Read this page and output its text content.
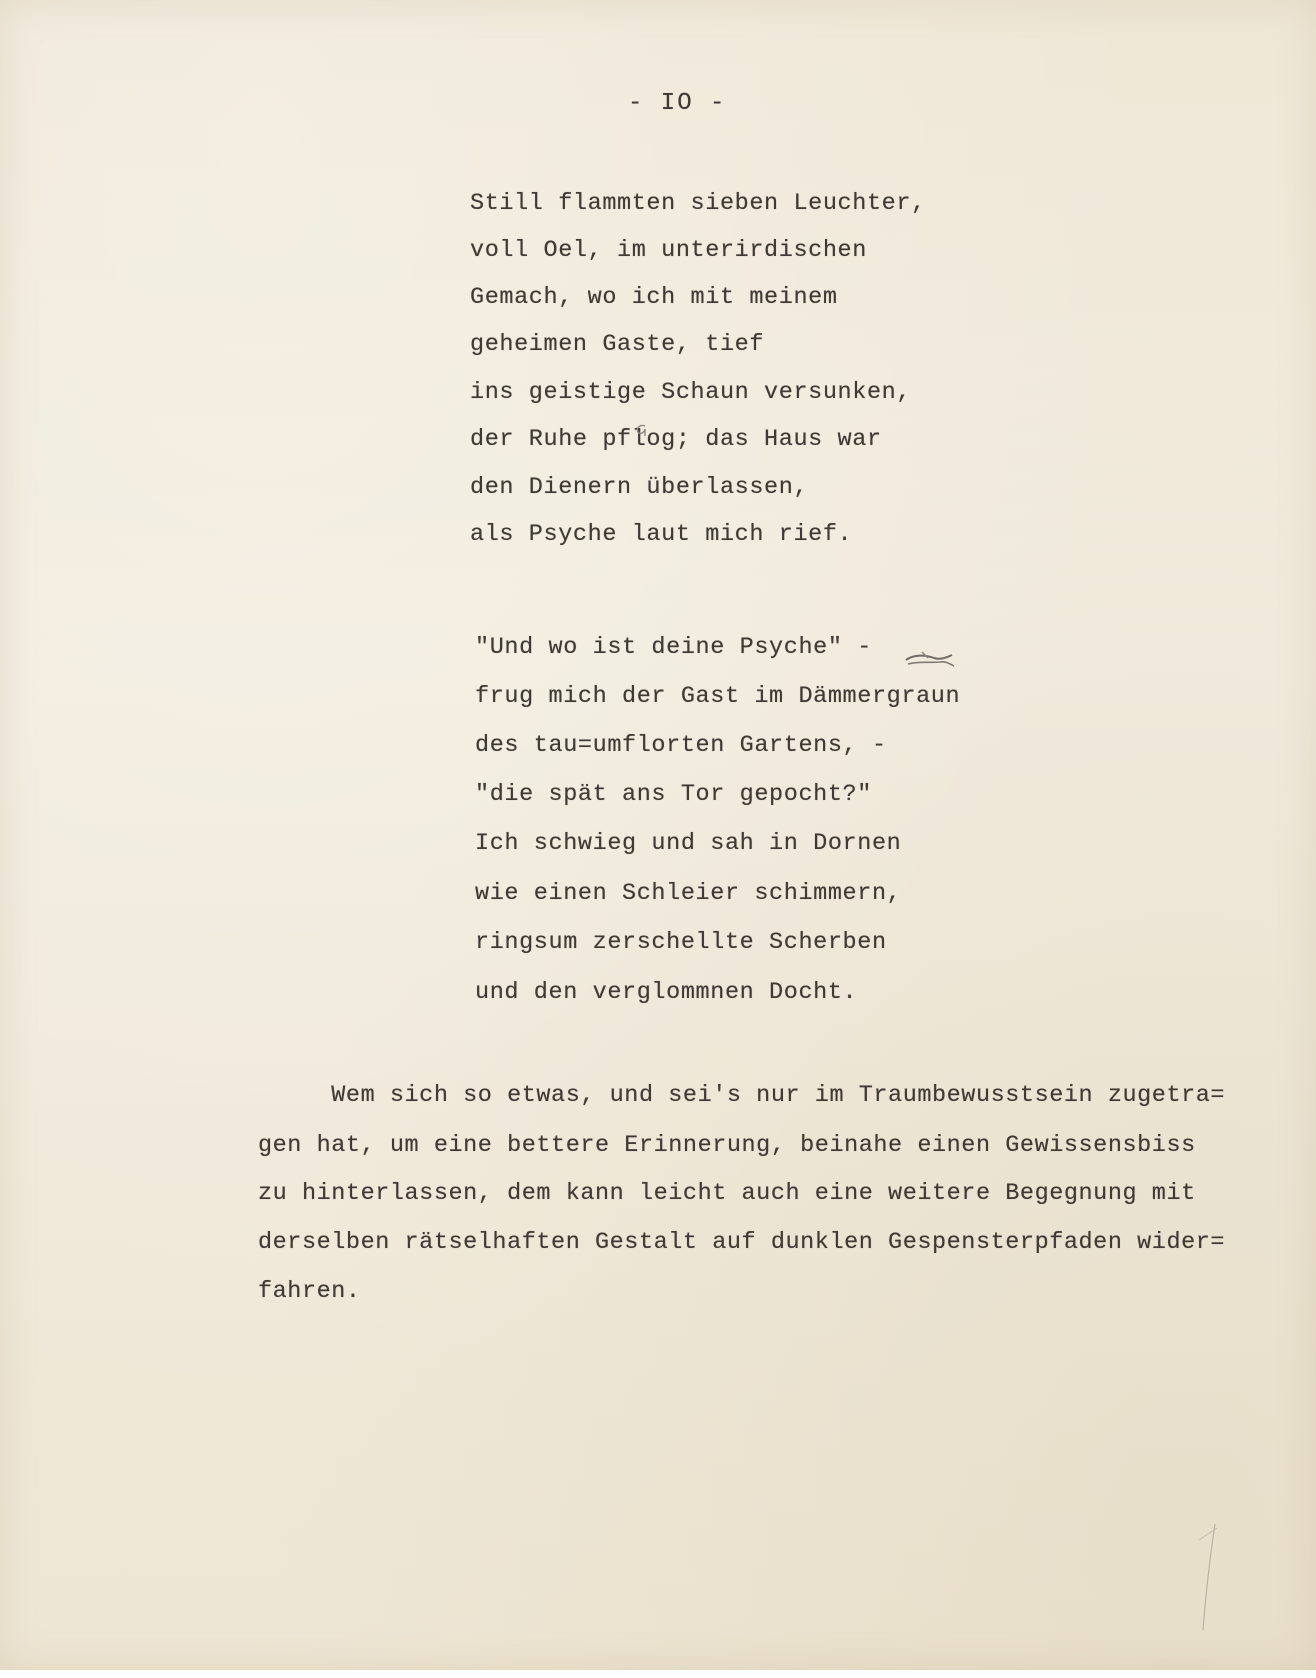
- IO -
Still flammten sieben Leuchter,
voll Oel, im unterirdischen
Gemach, wo ich mit meinem
geheimen Gaste, tief
ins geistige Schaun versunken,
der Ruhe pflog; das Haus war
den Dienern überlassen,
als Psyche laut mich rief.
"Und wo ist deine Psyche" -
frug mich der Gast im Dämmergraun
des tau=umflorten Gartens, -
"die spät ans Tor gepocht?"
Ich schwieg und sah in Dornen
wie einen Schleier schimmern,
ringsum zerschellte Scherben
und den verglommnen Docht.
Wem sich so etwas, und sei's nur im Traumbewusstsein zugetra=
gen hat, um eine bettere Erinnerung, beinahe einen Gewissensbiss
zu hinterlassen, dem kann leicht auch eine weitere Begegnung mit
derselben rätselhaften Gestalt auf dunklen Gespensterpfaden wider=
fahren.
